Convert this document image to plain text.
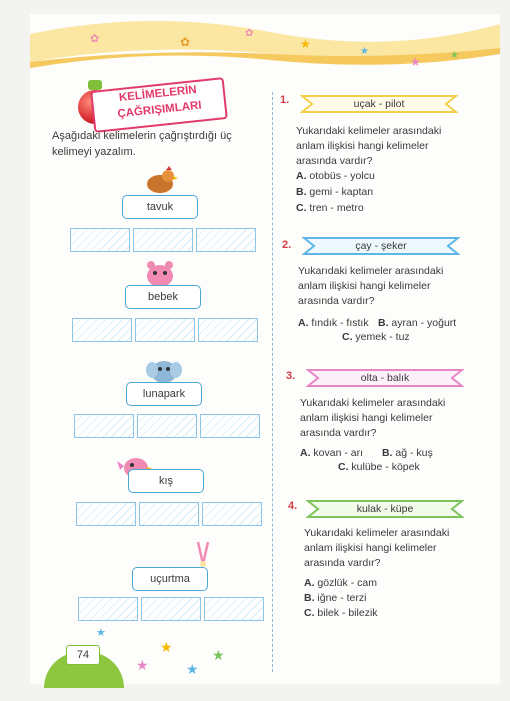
✿
✿
★
★
★	★
✿
KELİMELERİN
ÇAĞRIŞIMLARI
Aşağıdaki kelimelerin çağrıştırdığı üç kelimeyi yazalım.
tavuk
bebek
lunapark
kış
uçurtma
1.	uçak - pilot
Yukarıdaki kelimeler arasındaki anlam ilişkisi hangi kelimeler arasında vardır?
A. otobüs - yolcu
B. gemi - kaptan
C. tren - metro
2.	çay - şeker
Yukarıdaki kelimeler arasındaki anlam ilişkisi hangi kelimeler arasında vardır?
A. fındık - fıstık B. ayran - yoğurt
C. yemek - tuz
3.	olta - balık
Yukarıdaki kelimeler arasındaki anlam ilişkisi hangi kelimeler arasında vardır?
A. kovan - arı B. ağ - kuş
C. kulübe - köpek
4.	kulak - küpe
Yukarıdaki kelimeler arasındaki anlam ilişkisi hangi kelimeler arasında vardır?
A. gözlük - cam
B. iğne - terzi
C. bilek - bilezik
74
★
★
★
★
★
